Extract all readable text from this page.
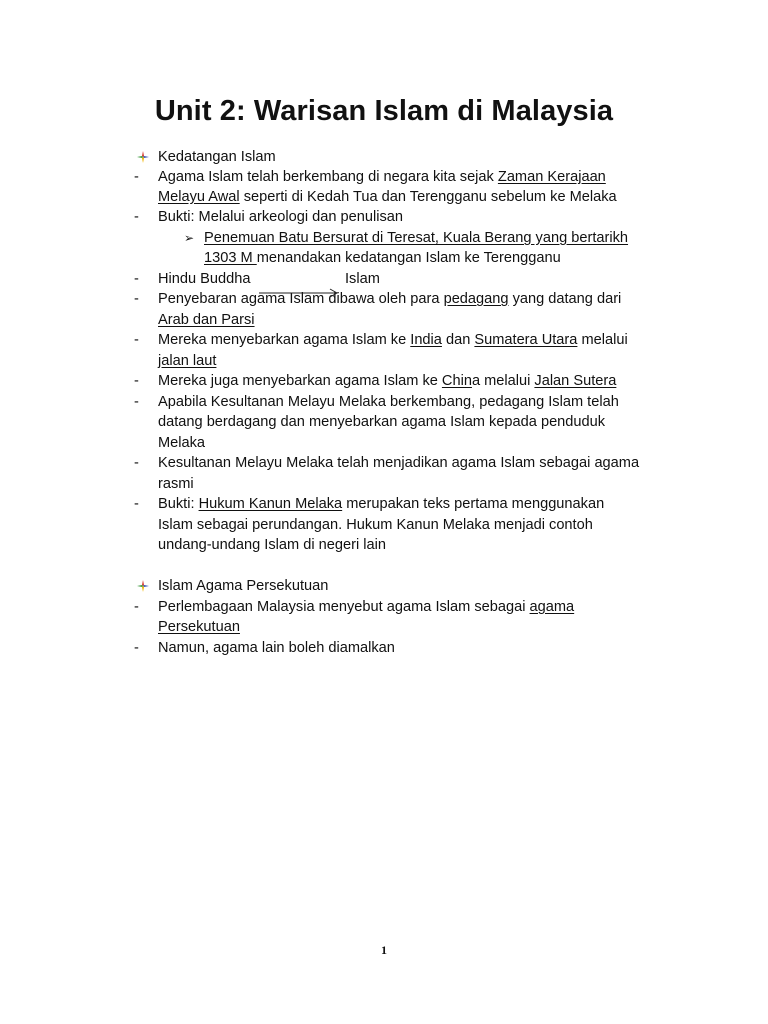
Unit 2: Warisan Islam di Malaysia
Kedatangan Islam
-	Agama Islam telah berkembang di negara kita sejak Zaman Kerajaan
Melayu Awal seperti di Kedah Tua dan Terengganu sebelum ke Melaka
-	Bukti: Melalui arkeologi dan penulisan
➢ Penemuan Batu Bersurat di Teresat, Kuala Berang yang bertarikh
1303 M menandakan kedatangan Islam ke Terengganu
-	Hindu Buddha	Islam
-	Penyebaran agama Islam dibawa oleh para pedagang yang datang dari
Arab dan Parsi
-	Mereka menyebarkan agama Islam ke India dan Sumatera Utara melalui
jalan laut
-	Mereka juga menyebarkan agama Islam ke China melalui Jalan Sutera
-	Apabila Kesultanan Melayu Melaka berkembang, pedagang Islam telah
datang berdagang dan menyebarkan agama Islam kepada penduduk
Melaka
-	Kesultanan Melayu Melaka telah menjadikan agama Islam sebagai agama
rasmi
-	Bukti: Hukum Kanun Melaka merupakan teks pertama menggunakan
Islam sebagai perundangan. Hukum Kanun Melaka menjadi contoh
undang-undang Islam di negeri lain
Islam Agama Persekutuan
-	Perlembagaan Malaysia menyebut agama Islam sebagai agama
Persekutuan
-	Namun, agama lain boleh diamalkan
1
